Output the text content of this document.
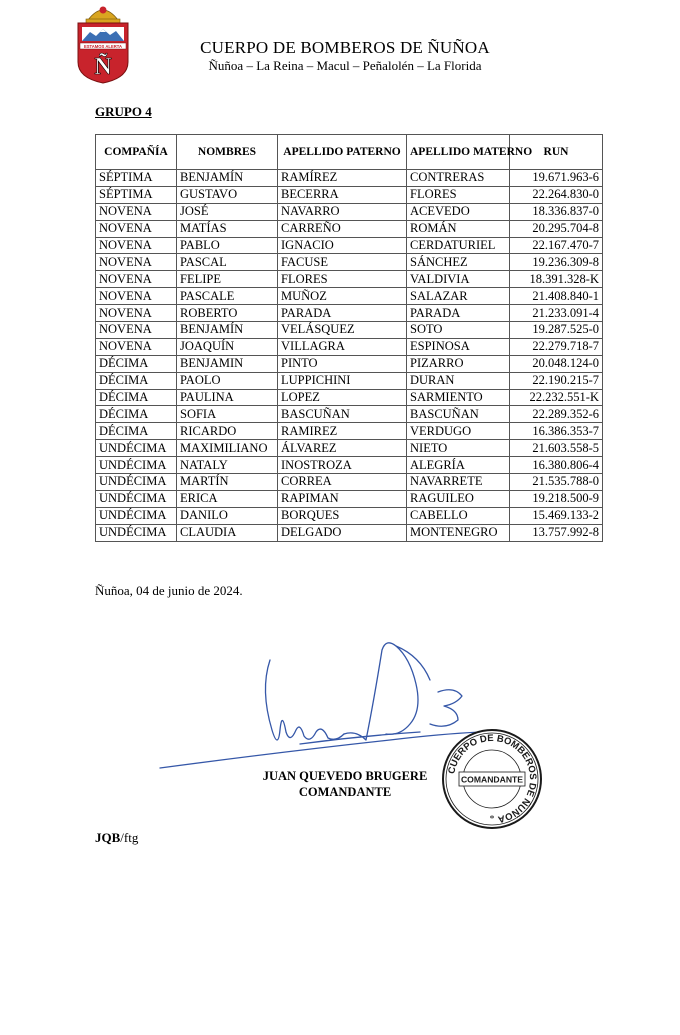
ESTAMOS ALERTA
Ñ
CUERPO DE BOMBEROS DE ÑUÑOA
Ñuñoa – La Reina – Macul – Peñalolén – La Florida
GRUPO 4
COMPAÑÍA	NOMBRES	APELLIDO PATERNO	APELLIDO MATERNO	RUN
SÉPTIMA	BENJAMÍN	RAMÍREZ	CONTRERAS	19.671.963-6
SÉPTIMA	GUSTAVO	BECERRA	FLORES	22.264.830-0
NOVENA	JOSÉ	NAVARRO	ACEVEDO	18.336.837-0
NOVENA	MATÍAS	CARREÑO	ROMÁN	20.295.704-8
NOVENA	PABLO	IGNACIO	CERDATURIEL	22.167.470-7
NOVENA	PASCAL	FACUSE	SÁNCHEZ	19.236.309-8
NOVENA	FELIPE	FLORES	VALDIVIA	18.391.328-K
NOVENA	PASCALE	MUÑOZ	SALAZAR	21.408.840-1
NOVENA	ROBERTO	PARADA	PARADA	21.233.091-4
NOVENA	BENJAMÍN	VELÁSQUEZ	SOTO	19.287.525-0
NOVENA	JOAQUÍN	VILLAGRA	ESPINOSA	22.279.718-7
DÉCIMA	BENJAMIN	PINTO	PIZARRO	20.048.124-0
DÉCIMA	PAOLO	LUPPICHINI	DURAN	22.190.215-7
DÉCIMA	PAULINA	LOPEZ	SARMIENTO	22.232.551-K
DÉCIMA	SOFIA	BASCUÑAN	BASCUÑAN	22.289.352-6
DÉCIMA	RICARDO	RAMIREZ	VERDUGO	16.386.353-7
UNDÉCIMA	MAXIMILIANO	ÁLVAREZ	NIETO	21.603.558-5
UNDÉCIMA	NATALY	INOSTROZA	ALEGRÍA	16.380.806-4
UNDÉCIMA	MARTÍN	CORREA	NAVARRETE	21.535.788-0
UNDÉCIMA	ERICA	RAPIMAN	RAGUILEO	19.218.500-9
UNDÉCIMA	DANILO	BORQUES	CABELLO	15.469.133-2
UNDÉCIMA	CLAUDIA	DELGADO	MONTENEGRO	13.757.992-8
Ñuñoa, 04 de junio de 2024.
JUAN QUEVEDO BRUGERE
COMANDANTE
CUERPO DE BOMBEROS DE ÑUÑOA
COMANDANTE
*
JQB/ftg
